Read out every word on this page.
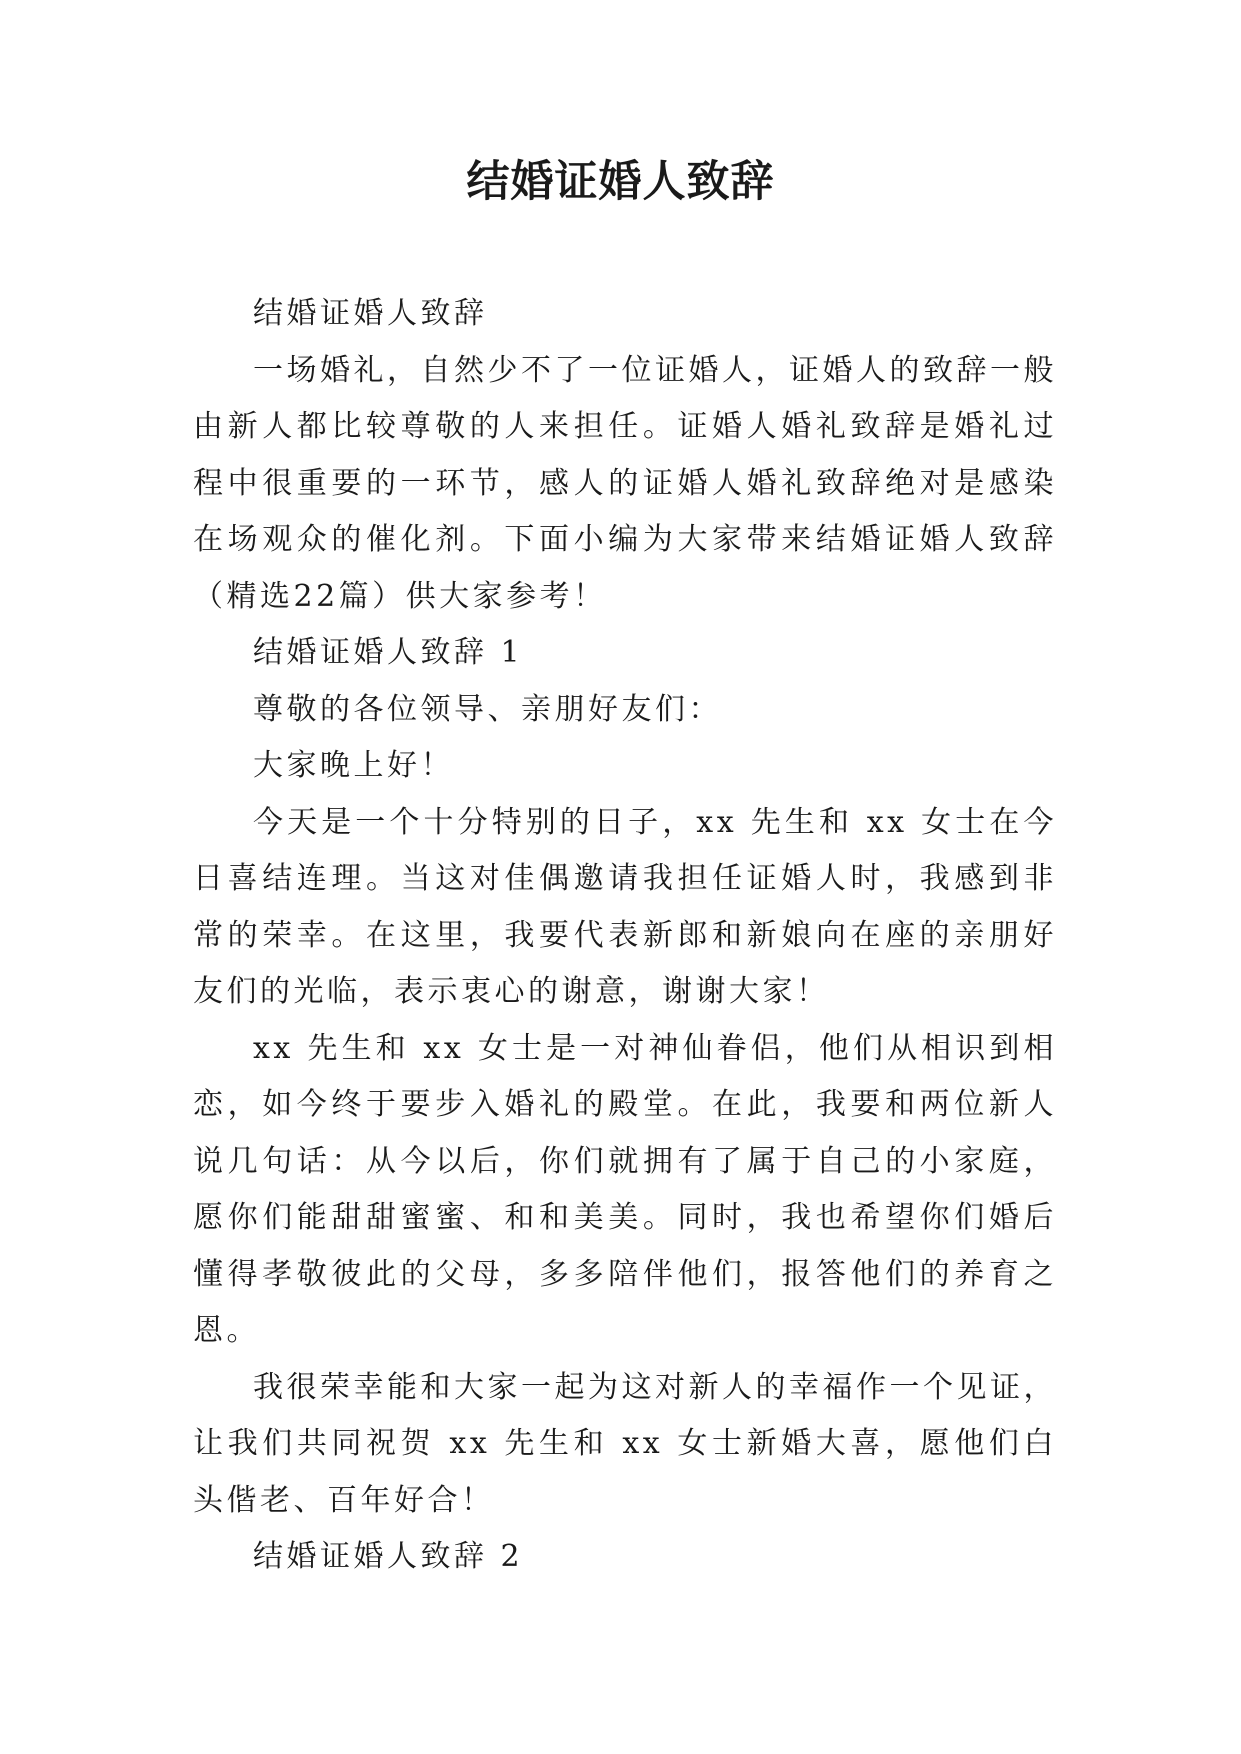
结婚证婚人致辞

结婚证婚人致辞

一场婚礼，自然少不了一位证婚人，证婚人的致辞一般由新人都比较尊敬的人来担任。证婚人婚礼致辞是婚礼过程中很重要的一环节，感人的证婚人婚礼致辞绝对是感染在场观众的催化剂。下面小编为大家带来结婚证婚人致辞（精选22篇）供大家参考！

结婚证婚人致辞 1

尊敬的各位领导、亲朋好友们：

大家晚上好！

今天是一个十分特别的日子，xx 先生和 xx 女士在今日喜结连理。当这对佳偶邀请我担任证婚人时，我感到非常的荣幸。在这里，我要代表新郎和新娘向在座的亲朋好友们的光临，表示衷心的谢意，谢谢大家！

xx 先生和 xx 女士是一对神仙眷侣，他们从相识到相恋，如今终于要步入婚礼的殿堂。在此，我要和两位新人说几句话：从今以后，你们就拥有了属于自己的小家庭，愿你们能甜甜蜜蜜、和和美美。同时，我也希望你们婚后懂得孝敬彼此的父母，多多陪伴他们，报答他们的养育之恩。

我很荣幸能和大家一起为这对新人的幸福作一个见证，让我们共同祝贺 xx 先生和 xx 女士新婚大喜，愿他们白头偕老、百年好合！

结婚证婚人致辞 2
